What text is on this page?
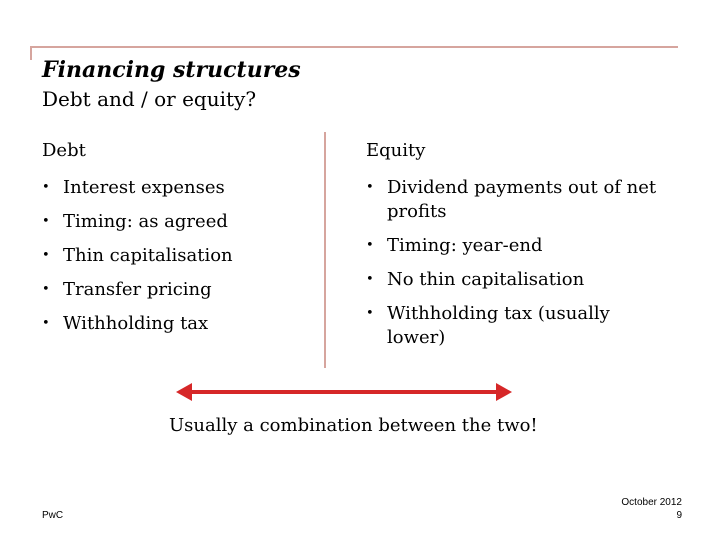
Financing structures
Debt and / or equity?
Debt	Equity
• Interest expenses
• Timing: as agreed
• Thin capitalisation
• Transfer pricing
• Withholding tax
• Dividend payments out of net profits
• Timing: year-end
• No thin capitalisation
• Withholding tax (usually lower)
Usually a combination between the two!
PwC
October 2012
9
